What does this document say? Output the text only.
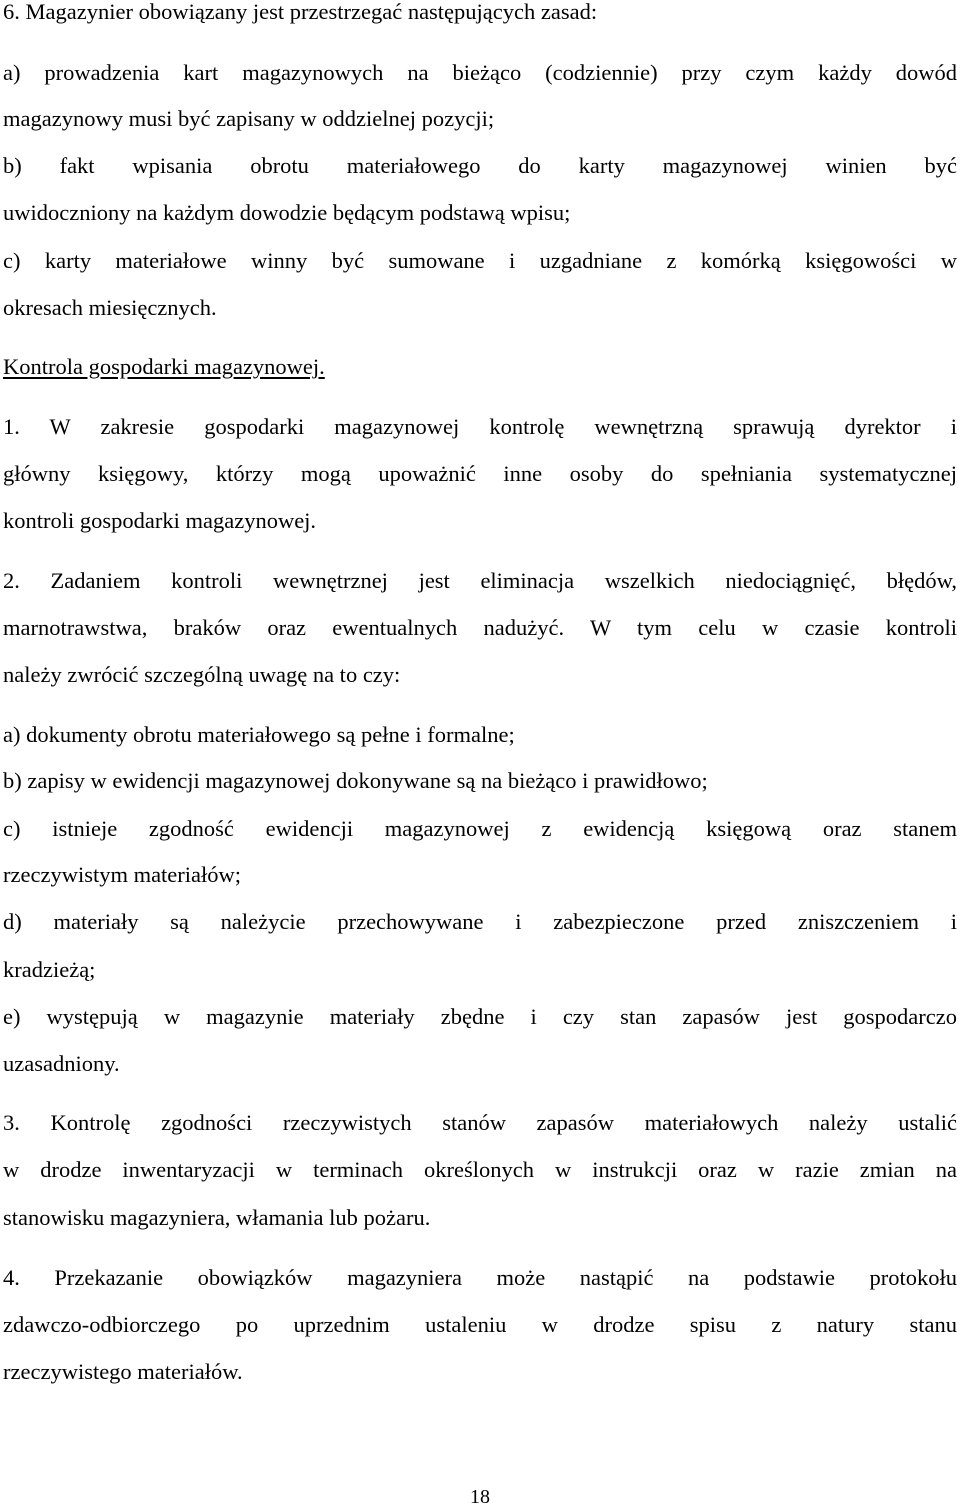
6. Magazynier obowiązany jest przestrzegać następujących zasad:
a) prowadzenia kart magazynowych na bieżąco (codziennie) przy czym każdy dowód
magazynowy musi być zapisany w oddzielnej pozycji;
b) fakt wpisania obrotu materiałowego do karty magazynowej winien być
uwidoczniony na każdym dowodzie będącym podstawą wpisu;
c) karty materiałowe winny być sumowane i uzgadniane z komórką księgowości w
okresach miesięcznych.
Kontrola gospodarki magazynowej.
1. W zakresie gospodarki magazynowej kontrolę wewnętrzną sprawują dyrektor i
główny księgowy, którzy mogą upoważnić inne osoby do spełniania systematycznej
kontroli gospodarki magazynowej.
2. Zadaniem kontroli wewnętrznej jest eliminacja wszelkich niedociągnięć, błędów,
marnotrawstwa, braków oraz ewentualnych nadużyć. W tym celu w czasie kontroli
należy zwrócić szczególną uwagę na to czy:
a) dokumenty obrotu materiałowego są pełne i formalne;
b) zapisy w ewidencji magazynowej dokonywane są na bieżąco i prawidłowo;
c) istnieje zgodność ewidencji magazynowej z ewidencją księgową oraz stanem
rzeczywistym materiałów;
d) materiały są należycie przechowywane i zabezpieczone przed zniszczeniem i
kradzieżą;
e) występują w magazynie materiały zbędne i czy stan zapasów jest gospodarczo
uzasadniony.
3. Kontrolę zgodności rzeczywistych stanów zapasów materiałowych należy ustalić
w drodze inwentaryzacji w terminach określonych w instrukcji oraz w razie zmian na
stanowisku magazyniera, włamania lub pożaru.
4. Przekazanie obowiązków magazyniera może nastąpić na podstawie protokołu
zdawczo-odbiorczego po uprzednim ustaleniu w drodze spisu z natury stanu
rzeczywistego materiałów.
18
